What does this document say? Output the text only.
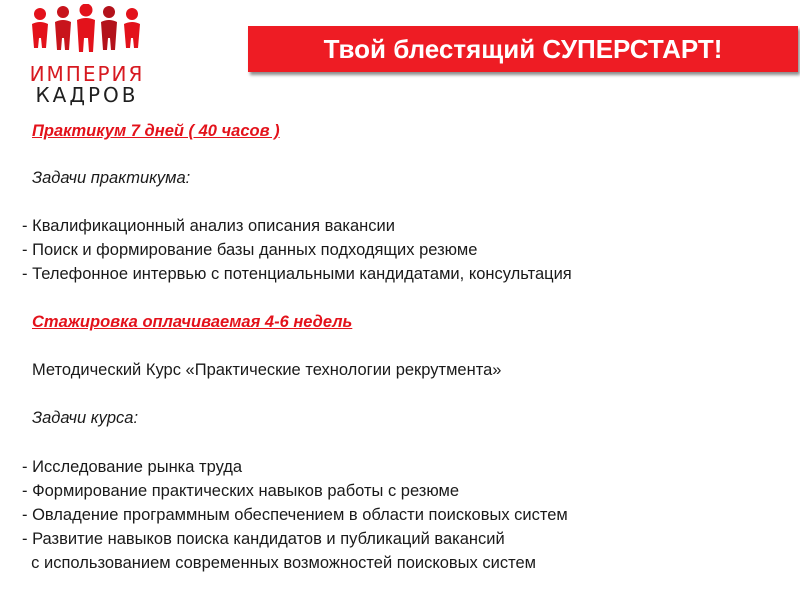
ИМПЕРИЯ
КАДРОВ
Твой блестящий СУПЕРСТАРТ!
Практикум 7 дней ( 40 часов )
Задачи практикума:
- Квалификационный анализ описания вакансии
- Поиск и формирование базы данных подходящих резюме
- Телефонное интервью с потенциальными кандидатами, консультация
Стажировка оплачиваемая 4-6 недель
Методический Курс «Практические технологии рекрутмента»
Задачи курса:
- Исследование рынка труда
- Формирование практических навыков работы с резюме
- Овладение программным обеспечением в области поисковых систем
- Развитие навыков поиска кандидатов и публикаций вакансий
с использованием современных возможностей поисковых систем
